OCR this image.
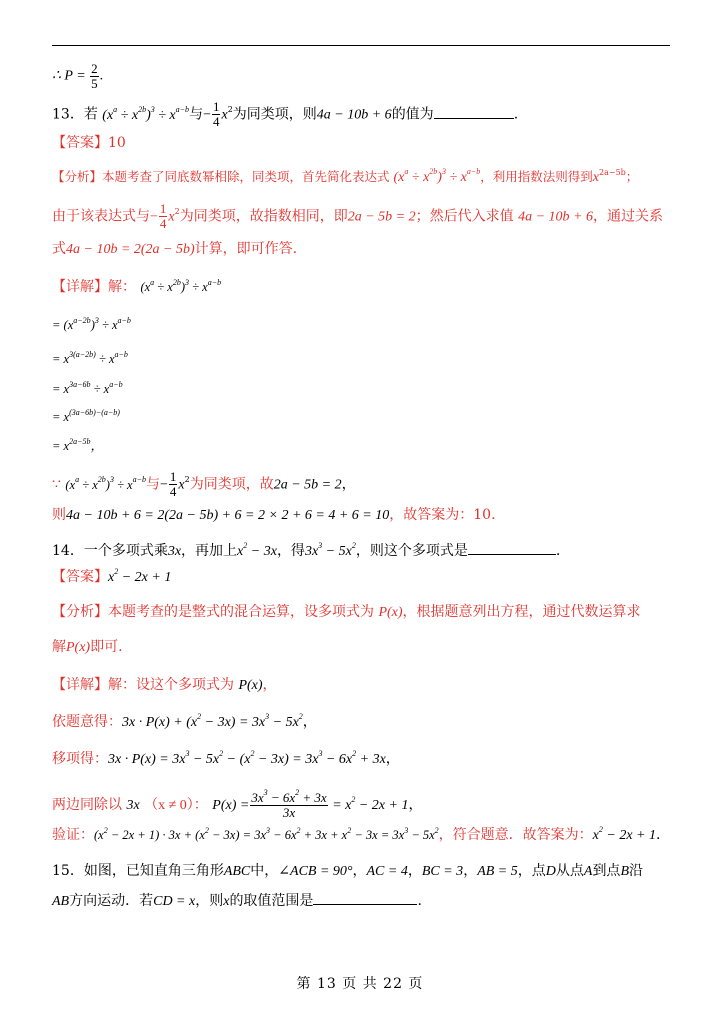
∴ $P = \frac{2}{5}$ .
13．若 $(x^a \div x^{2b})^3 \div x^{a-b}$与− $\frac{1}{4} x^2$为同类项，则4a − 10b + 6的值为	.
【答案】10
【分析】本题考查了同底数幂相除，同类项，首先简化表达式 $(x^a \div x^{2b})^3 \div x^{a-b}$，利用指数法则得到$x^{2a-5b}$；
由于该表达式与− $\frac{1}{4} x^2$为同类项，故指数相同，即2a − 5b = 2；然后代入求值 4a − 10b + 6，通过关系
式4a − 10b = 2(2a − 5b)计算，即可作答.
【详解】解： $(x^a \div x^{2b})^3 \div x^{a-b}$
= $(x^{a-2b})^3 \div x^{a-b}$
= $x^{3(a-2b)} \div x^{a-b}$
= $x^{3a-6b} \div x^{a-b}$
= $x^{(3a-6b)-(a-b)}$
= $x^{2a-5b}$，
∵ $(x^a \div x^{2b})^3 \div x^{a-b}$与− $\frac{1}{4} x^2$为同类项，故2a − 5b = 2，
则4a − 10b + 6 = 2(2a − 5b) + 6 = 2 × 2 + 6 = 4 + 6 = 10，故答案为：10.
14．一个多项式乘3x，再加上$x^2 - 3x$，得$3x^3 - 5x^2$，则这个多项式是	.
【答案】$x^2 - 2x + 1$
【分析】本题考查的是整式的混合运算，设多项式为 P(x)，根据题意列出方程，通过代数运算求
解P(x)即可.
【详解】解：设这个多项式为 P(x)，
依题意得：$3x \cdot P(x) + (x^2 - 3x) = 3x^3 - 5x^2$，
移项得：$3x \cdot P(x) = 3x^3 - 5x^2 - (x^2 - 3x) = 3x^3 - 6x^2 + 3x$，
两边同除以 3x （x ≠ 0）： $P(x) = \frac{3x^3 - 6x^2 + 3x}{3x} = x^2 - 2x + 1$，
验证：$(x^2 - 2x + 1) \cdot 3x + (x^2 - 3x) = 3x^3 - 6x^2 + 3x + x^2 - 3x = 3x^3 - 5x^2$，符合题意．故答案为：$x^2 - 2x + 1$.
15．如图，已知直角三角形ABC中，∠ACB = 90°，AC = 4，BC = 3，AB = 5，点D从点A到点B沿
AB方向运动．若CD = x，则x的取值范围是	.
第 13 页 共 22 页
